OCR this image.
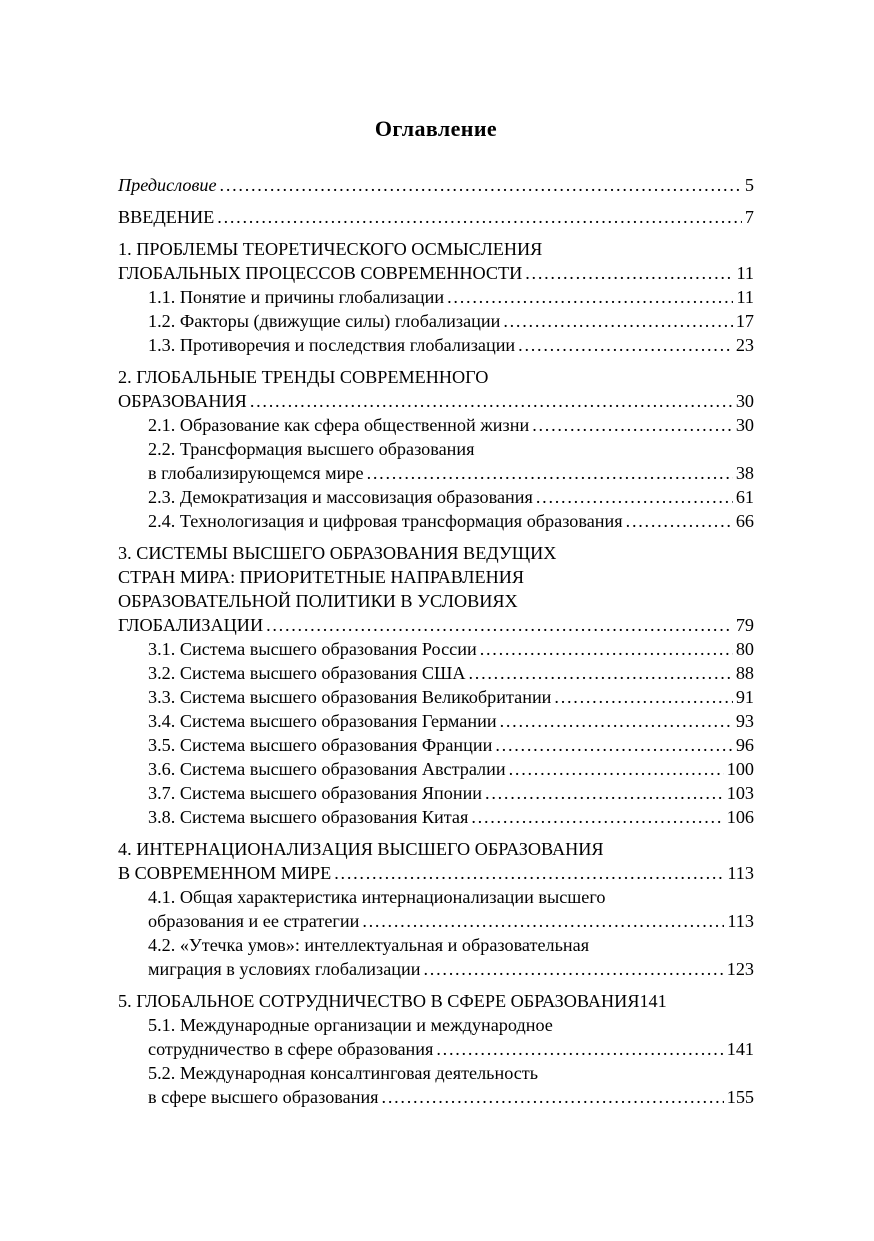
Оглавление
Предисловие . . .	5
ВВЕДЕНИЕ . . .	7
1. ПРОБЛЕМЫ ТЕОРЕТИЧЕСКОГО ОСМЫСЛЕНИЯ
ГЛОБАЛЬНЫХ ПРОЦЕССОВ СОВРЕМЕННОСТИ . . .	11
1.1. Понятие и причины глобализации . . .	11
1.2. Факторы (движущие силы) глобализации . . .	17
1.3. Противоречия и последствия глобализации . . .	23
2. ГЛОБАЛЬНЫЕ ТРЕНДЫ СОВРЕМЕННОГО
ОБРАЗОВАНИЯ . . .	30
2.1. Образование как сфера общественной жизни . . .	30
2.2. Трансформация высшего образования
в глобализирующемся мире . . .	38
2.3. Демократизация и массовизация образования . . .	61
2.4. Технологизация и цифровая трансформация образования . . .	66
3. СИСТЕМЫ ВЫСШЕГО ОБРАЗОВАНИЯ ВЕДУЩИХ
СТРАН МИРА: ПРИОРИТЕТНЫЕ НАПРАВЛЕНИЯ
ОБРАЗОВАТЕЛЬНОЙ ПОЛИТИКИ В УСЛОВИЯХ
ГЛОБАЛИЗАЦИИ . . .	79
3.1. Система высшего образования России . . .	80
3.2. Система высшего образования США . . .	88
3.3. Система высшего образования Великобритании . . .	91
3.4. Система высшего образования Германии . . .	93
3.5. Система высшего образования Франции . . .	96
3.6. Система высшего образования Австралии . . .	100
3.7. Система высшего образования Японии . . .	103
3.8. Система высшего образования Китая . . .	106
4. ИНТЕРНАЦИОНАЛИЗАЦИЯ ВЫСШЕГО ОБРАЗОВАНИЯ
В СОВРЕМЕННОМ МИРЕ . . .	113
4.1. Общая характеристика интернационализации высшего
образования и ее стратегии . . .	113
4.2. «Утечка умов»: интеллектуальная и образовательная
миграция в условиях глобализации . . .	123
5. ГЛОБАЛЬНОЕ СОТРУДНИЧЕСТВО В СФЕРЕ ОБРАЗОВАНИЯ 141
5.1. Международные организации и международное
сотрудничество в сфере образования . . .	141
5.2. Международная консалтинговая деятельность
в сфере высшего образования . . .	155
